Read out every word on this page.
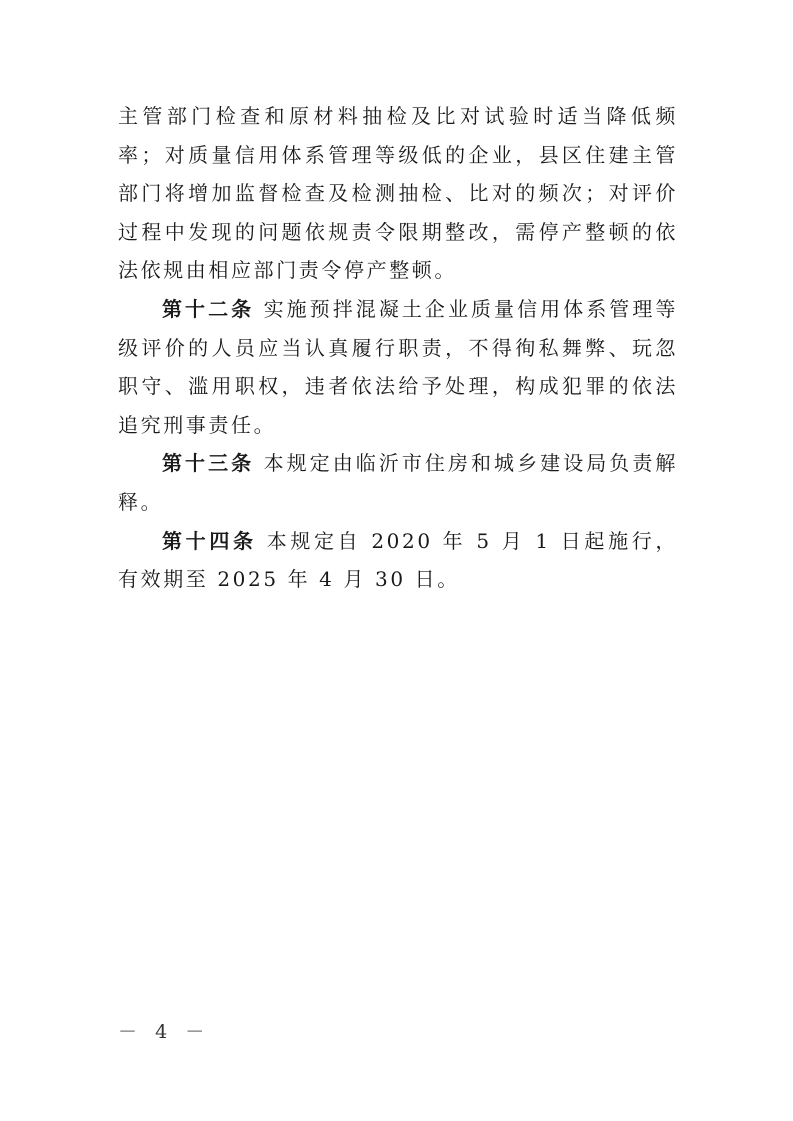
主管部门检查和原材料抽检及比对试验时适当降低频率；对质量信用体系管理等级低的企业，县区住建主管部门将增加监督检查及检测抽检、比对的频次；对评价过程中发现的问题依规责令限期整改，需停产整顿的依法依规由相应部门责令停产整顿。

第十二条 实施预拌混凝土企业质量信用体系管理等级评价的人员应当认真履行职责，不得徇私舞弊、玩忽职守、滥用职权，违者依法给予处理，构成犯罪的依法追究刑事责任。

第十三条 本规定由临沂市住房和城乡建设局负责解释。

第十四条 本规定自 2020 年 5 月 1 日起施行，有效期至 2025 年 4 月 30 日。

－ 4 －
